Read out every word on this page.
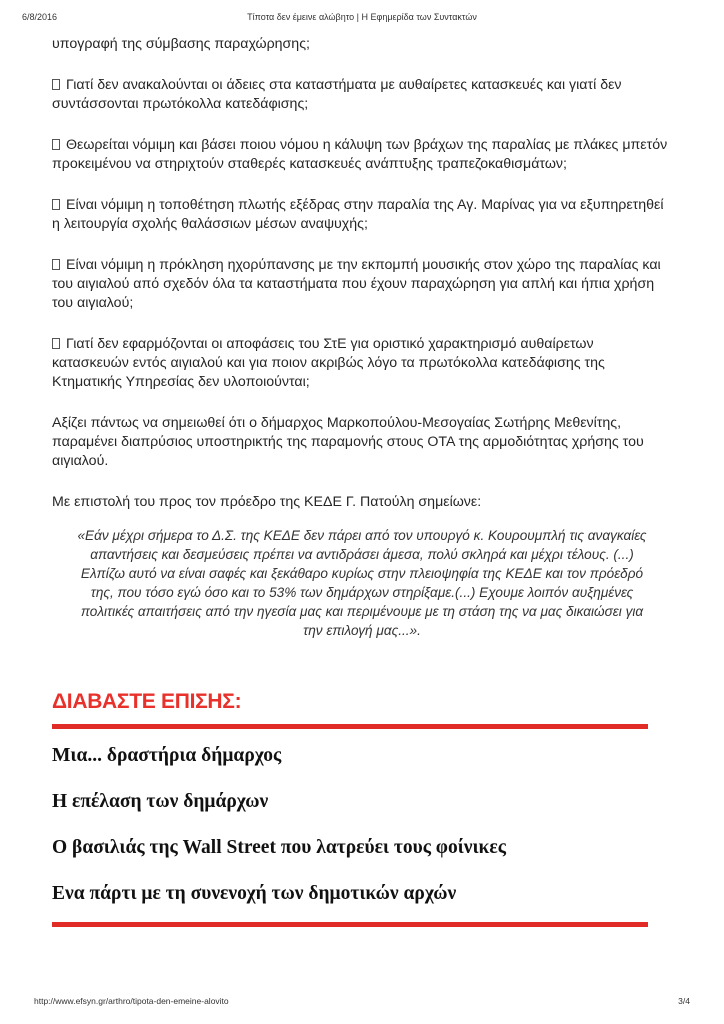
6/8/2016	Τίποτα δεν έμεινε αλώβητο | Η Εφημερίδα των Συντακτών

υπογραφή της σύμβασης παραχώρησης;

Γιατί δεν ανακαλούνται οι άδειες στα καταστήματα με αυθαίρετες κατασκευές και γιατί δεν συντάσσονται πρωτόκολλα κατεδάφισης;

Θεωρείται νόμιμη και βάσει ποιου νόμου η κάλυψη των βράχων της παραλίας με πλάκες μπετόν προκειμένου να στηριχτούν σταθερές κατασκευές ανάπτυξης τραπεζοκαθισμάτων;

Είναι νόμιμη η τοποθέτηση πλωτής εξέδρας στην παραλία της Αγ. Μαρίνας για να εξυπηρετηθεί η λειτουργία σχολής θαλάσσιων μέσων αναψυχής;

Είναι νόμιμη η πρόκληση ηχορύπανσης με την εκπομπή μουσικής στον χώρο της παραλίας και του αιγιαλού από σχεδόν όλα τα καταστήματα που έχουν παραχώρηση για απλή και ήπια χρήση του αιγιαλού;

Γιατί δεν εφαρμόζονται οι αποφάσεις του ΣτΕ για οριστικό χαρακτηρισμό αυθαίρετων κατασκευών εντός αιγιαλού και για ποιον ακριβώς λόγο τα πρωτόκολλα κατεδάφισης της Κτηματικής Υπηρεσίας δεν υλοποιούνται;

Αξίζει πάντως να σημειωθεί ότι ο δήμαρχος Μαρκοπούλου-Μεσογαίας Σωτήρης Μεθενίτης, παραμένει διαπρύσιος υποστηρικτής της παραμονής στους ΟΤΑ της αρμοδιότητας χρήσης του αιγιαλού.

Με επιστολή του προς τον πρόεδρο της ΚΕΔΕ Γ. Πατούλη σημείωνε:

«Εάν μέχρι σήμερα το Δ.Σ. της ΚΕΔΕ δεν πάρει από τον υπουργό κ. Κουρουμπλή τις αναγκαίες απαντήσεις και δεσμεύσεις πρέπει να αντιδράσει άμεσα, πολύ σκληρά και μέχρι τέλους. (...) Ελπίζω αυτό να είναι σαφές και ξεκάθαρο κυρίως στην πλειοψηφία της ΚΕΔΕ και τον πρόεδρό της, που τόσο εγώ όσο και το 53% των δημάρχων στηρίξαμε.(...) Εχουμε λοιπόν αυξημένες πολιτικές απαιτήσεις από την ηγεσία μας και περιμένουμε με τη στάση της να μας δικαιώσει για την επιλογή μας...».

ΔΙΑΒΑΣΤΕ ΕΠΙΣΗΣ:
Μια... δραστήρια δήμαρχος
Η επέλαση των δημάρχων
Ο βασιλιάς της Wall Street που λατρεύει τους φοίνικες
Ενα πάρτι με τη συνενοχή των δημοτικών αρχών
http://www.efsyn.gr/arthro/tipota-den-emeine-alovito	3/4
